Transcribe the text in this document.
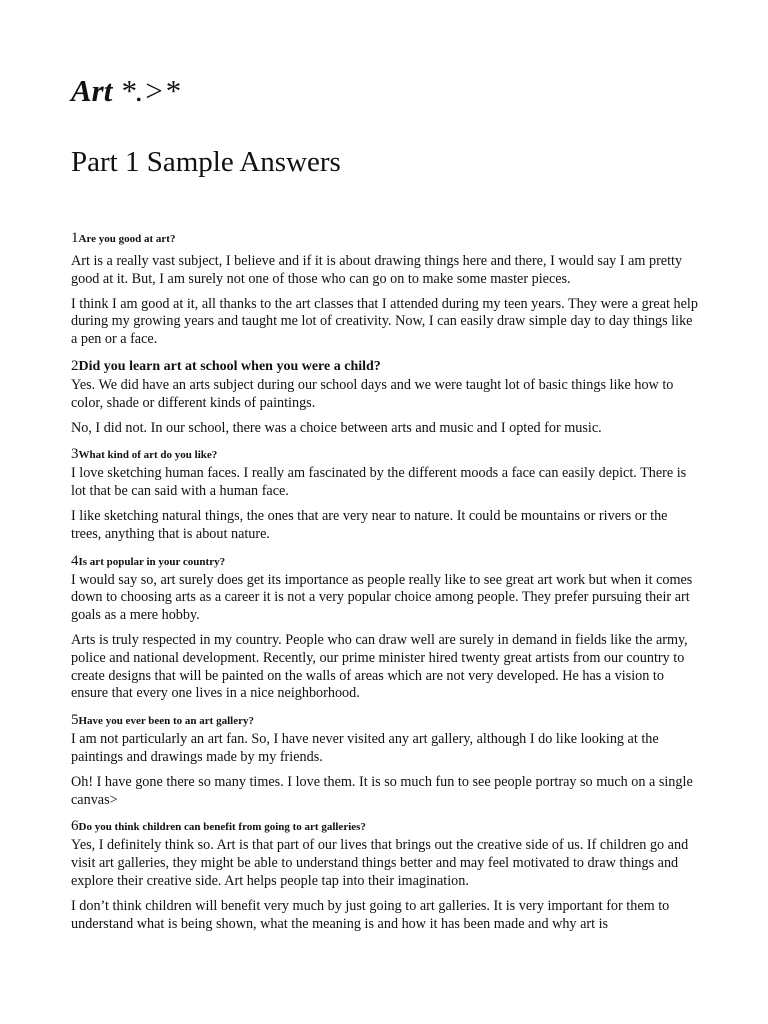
Art *.>*
Part 1 Sample Answers

1Are you good at art?

Art is a really vast subject, I believe and if it is about drawing things here and there, I would say I am pretty good at it. But, I am surely not one of those who can go on to make some master pieces.

I think I am good at it, all thanks to the art classes that I attended during my teen years. They were a great help during my growing years and taught me lot of creativity. Now, I can easily draw simple day to day things like a pen or a face.

2Did you learn art at school when you were a child?

Yes. We did have an arts subject during our school days and we were taught lot of basic things like how to color, shade or different kinds of paintings.

No, I did not. In our school, there was a choice between arts and music and I opted for music.

3What kind of art do you like?

I love sketching human faces. I really am fascinated by the different moods a face can easily depict. There is lot that be can said with a human face.

I like sketching natural things, the ones that are very near to nature. It could be mountains or rivers or the trees, anything that is about nature.

4Is art popular in your country?

I would say so, art surely does get its importance as people really like to see great art work but when it comes down to choosing arts as a career it is not a very popular choice among people. They prefer pursuing their art goals as a mere hobby.

Arts is truly respected in my country. People who can draw well are surely in demand in fields like the army, police and national development. Recently, our prime minister hired twenty great artists from our country to create designs that will be painted on the walls of areas which are not very developed. He has a vision to ensure that every one lives in a nice neighborhood.

5Have you ever been to an art gallery?

I am not particularly an art fan. So, I have never visited any art gallery, although I do like looking at the paintings and drawings made by my friends.

Oh! I have gone there so many times. I love them. It is so much fun to see people portray so much on a single canvas>

6Do you think children can benefit from going to art galleries?

Yes, I definitely think so. Art is that part of our lives that brings out the creative side of us. If children go and visit art galleries, they might be able to understand things better and may feel motivated to draw things and explore their creative side. Art helps people tap into their imagination.

I don’t think children will benefit very much by just going to art galleries. It is very important for them to understand what is being shown, what the meaning is and how it has been made and why art is
